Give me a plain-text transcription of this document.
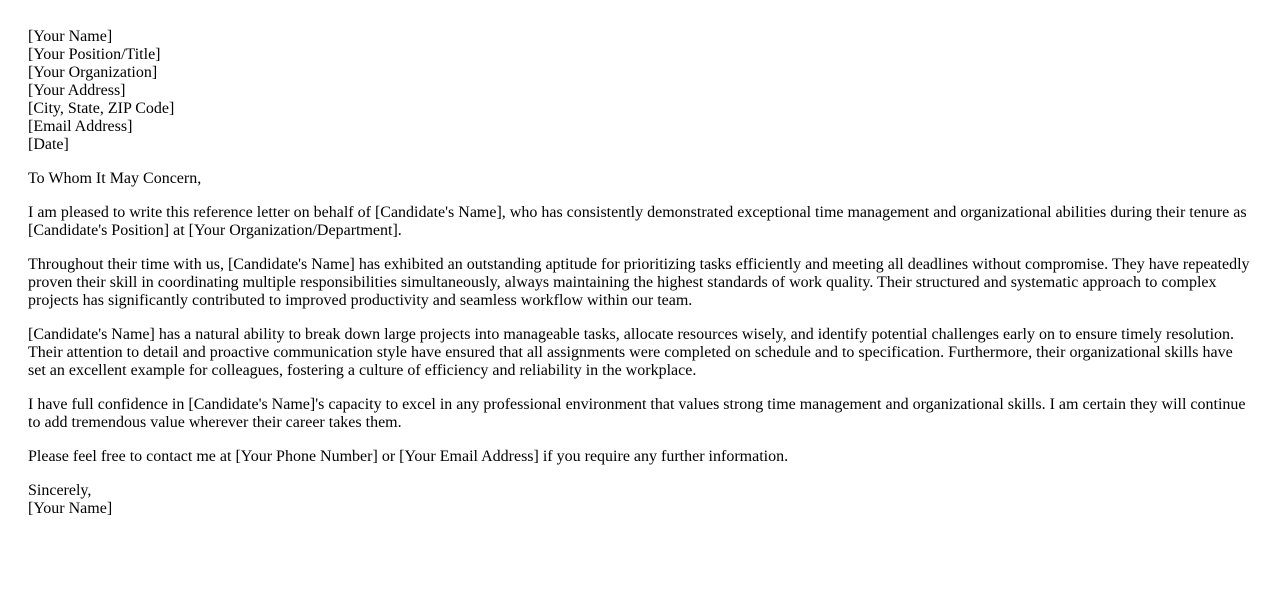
[Your Name]
[Your Position/Title]
[Your Organization]
[Your Address]
[City, State, ZIP Code]
[Email Address]
[Date]

To Whom It May Concern,

I am pleased to write this reference letter on behalf of [Candidate's Name], who has consistently demonstrated exceptional time management and organizational abilities during their tenure as [Candidate's Position] at [Your Organization/Department].

Throughout their time with us, [Candidate's Name] has exhibited an outstanding aptitude for prioritizing tasks efficiently and meeting all deadlines without compromise. They have repeatedly proven their skill in coordinating multiple responsibilities simultaneously, always maintaining the highest standards of work quality. Their structured and systematic approach to complex projects has significantly contributed to improved productivity and seamless workflow within our team.

[Candidate's Name] has a natural ability to break down large projects into manageable tasks, allocate resources wisely, and identify potential challenges early on to ensure timely resolution. Their attention to detail and proactive communication style have ensured that all assignments were completed on schedule and to specification. Furthermore, their organizational skills have set an excellent example for colleagues, fostering a culture of efficiency and reliability in the workplace.

I have full confidence in [Candidate's Name]'s capacity to excel in any professional environment that values strong time management and organizational skills. I am certain they will continue to add tremendous value wherever their career takes them.

Please feel free to contact me at [Your Phone Number] or [Your Email Address] if you require any further information.

Sincerely,
[Your Name]
